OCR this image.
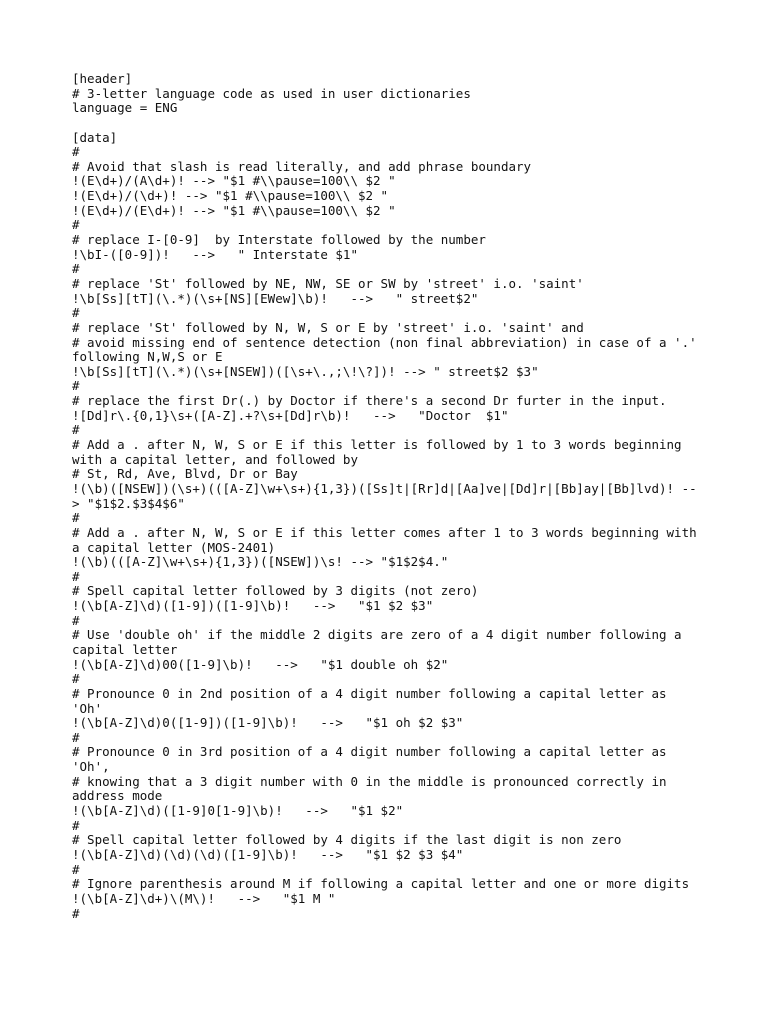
[header]
# 3-letter language code as used in user dictionaries
language = ENG
[data]
#
# Avoid that slash is read literally, and add phrase boundary
!(E\d+)/(A\d+)! --> "$1 #\\pause=100\\ $2 "
!(E\d+)/(\d+)! --> "$1 #\\pause=100\\ $2 "
!(E\d+)/(E\d+)! --> "$1 #\\pause=100\\ $2 "
#
# replace I-[0-9]  by Interstate followed by the number
!\bI-([0-9])!   -->   " Interstate $1"
#
# replace 'St' followed by NE, NW, SE or SW by 'street' i.o. 'saint'
!\b[Ss][tT](\.*)(\s+[NS][EWew]\b)!   -->   " street$2"
#
# replace 'St' followed by N, W, S or E by 'street' i.o. 'saint' and
# avoid missing end of sentence detection (non final abbreviation) in case of a '.'
following N,W,S or E
!\b[Ss][tT](\.*)(\s+[NSEW])([\s+\.,;\!\?])! --> " street$2 $3"
#
# replace the first Dr(.) by Doctor if there's a second Dr furter in the input.
![Dd]r\.{0,1}\s+([A-Z].+?\s+[Dd]r\b)!   -->   "Doctor  $1"
#
# Add a . after N, W, S or E if this letter is followed by 1 to 3 words beginning
with a capital letter, and followed by
# St, Rd, Ave, Blvd, Dr or Bay
!(\b)([NSEW])(\s+)(([A-Z]\w+\s+){1,3})([Ss]t|[Rr]d|[Aa]ve|[Dd]r|[Bb]ay|[Bb]lvd)! --
> "$1$2.$3$4$6"
#
# Add a . after N, W, S or E if this letter comes after 1 to 3 words beginning with
a capital letter (MOS-2401)
!(\b)(([A-Z]\w+\s+){1,3})([NSEW])\s! --> "$1$2$4."
#
# Spell capital letter followed by 3 digits (not zero)
!(\b[A-Z]\d)([1-9])([1-9]\b)!   -->   "$1 $2 $3"
#
# Use 'double oh' if the middle 2 digits are zero of a 4 digit number following a
capital letter
!(\b[A-Z]\d)00([1-9]\b)!   -->   "$1 double oh $2"
#
# Pronounce 0 in 2nd position of a 4 digit number following a capital letter as
'Oh'
!(\b[A-Z]\d)0([1-9])([1-9]\b)!   -->   "$1 oh $2 $3"
#
# Pronounce 0 in 3rd position of a 4 digit number following a capital letter as
'Oh',
# knowing that a 3 digit number with 0 in the middle is pronounced correctly in
address mode
!(\b[A-Z]\d)([1-9]0[1-9]\b)!   -->   "$1 $2"
#
# Spell capital letter followed by 4 digits if the last digit is non zero
!(\b[A-Z]\d)(\d)(\d)([1-9]\b)!   -->   "$1 $2 $3 $4"
#
# Ignore parenthesis around M if following a capital letter and one or more digits
!(\b[A-Z]\d+)\(M\)!   -->   "$1 M "
#
